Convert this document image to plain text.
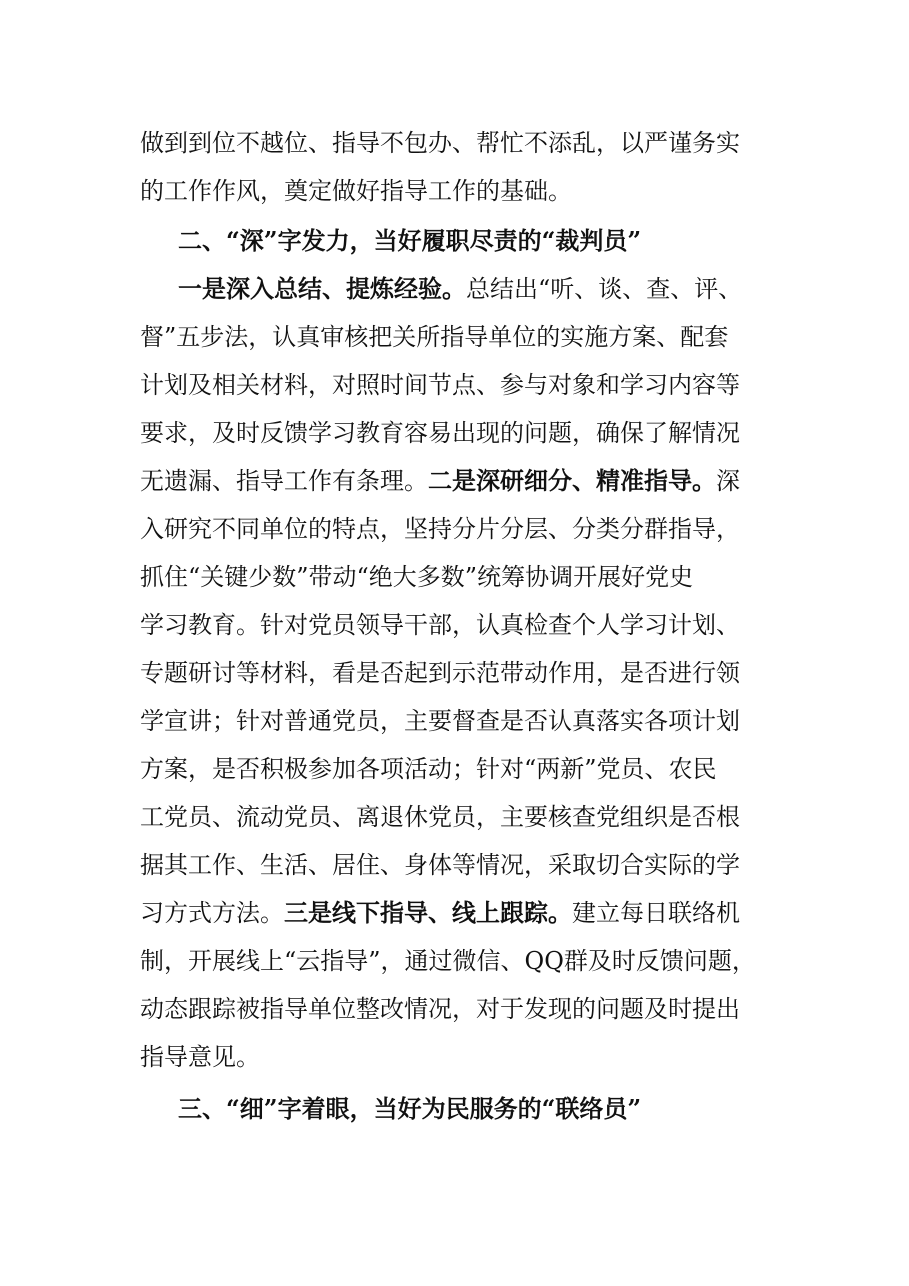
做到到位不越位、指导不包办、帮忙不添乱，以严谨务实
的工作作风，奠定做好指导工作的基础。
二、“深”字发力，当好履职尽责的“裁判员”
一是深入总结、提炼经验。总结出“听、谈、查、评、
督”五步法，认真审核把关所指导单位的实施方案、配套
计划及相关材料，对照时间节点、参与对象和学习内容等
要求，及时反馈学习教育容易出现的问题，确保了解情况
无遗漏、指导工作有条理。二是深研细分、精准指导。深
入研究不同单位的特点，坚持分片分层、分类分群指导，
抓住“关键少数”带动“绝大多数”统筹协调开展好党史
学习教育。针对党员领导干部，认真检查个人学习计划、
专题研讨等材料，看是否起到示范带动作用，是否进行领
学宣讲；针对普通党员，主要督查是否认真落实各项计划
方案，是否积极参加各项活动；针对“两新”党员、农民
工党员、流动党员、离退休党员，主要核查党组织是否根
据其工作、生活、居住、身体等情况，采取切合实际的学
习方式方法。三是线下指导、线上跟踪。建立每日联络机
制，开展线上“云指导”，通过微信、QQ群及时反馈问题，
动态跟踪被指导单位整改情况，对于发现的问题及时提出
指导意见。
三、“细”字着眼，当好为民服务的“联络员”
